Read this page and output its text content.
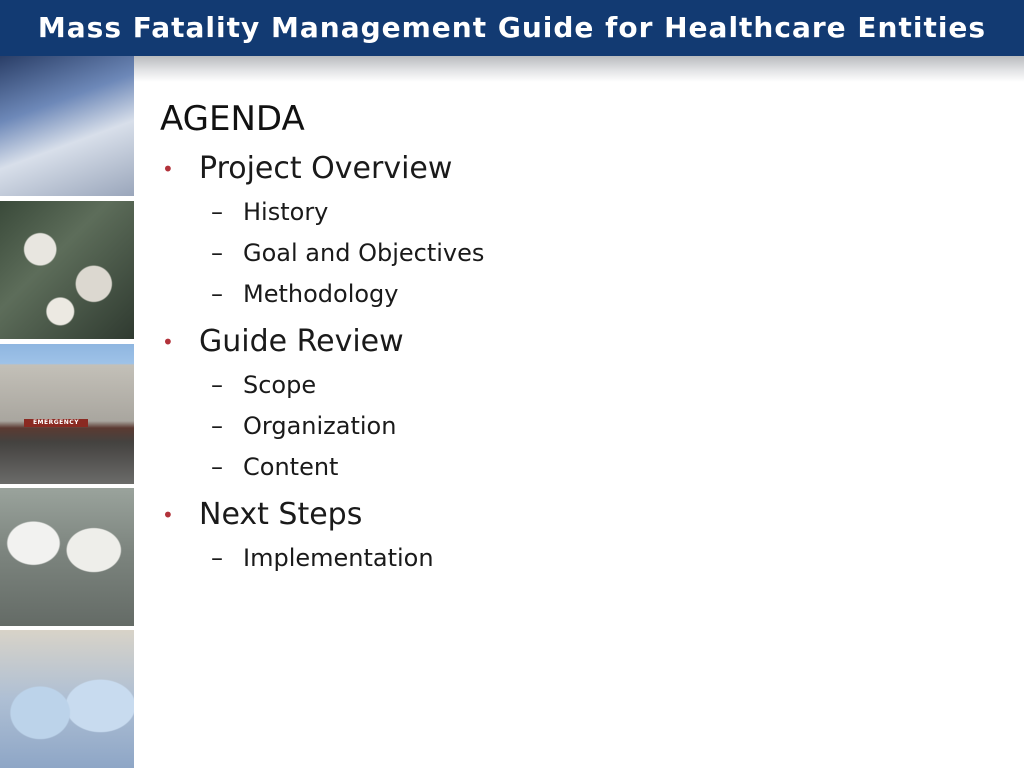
Mass Fatality Management Guide for Healthcare Entities
EMERGENCY
AGENDA
• Project Overview
– History
– Goal and Objectives
– Methodology
• Guide Review
– Scope
– Organization
– Content
• Next Steps
– Implementation
